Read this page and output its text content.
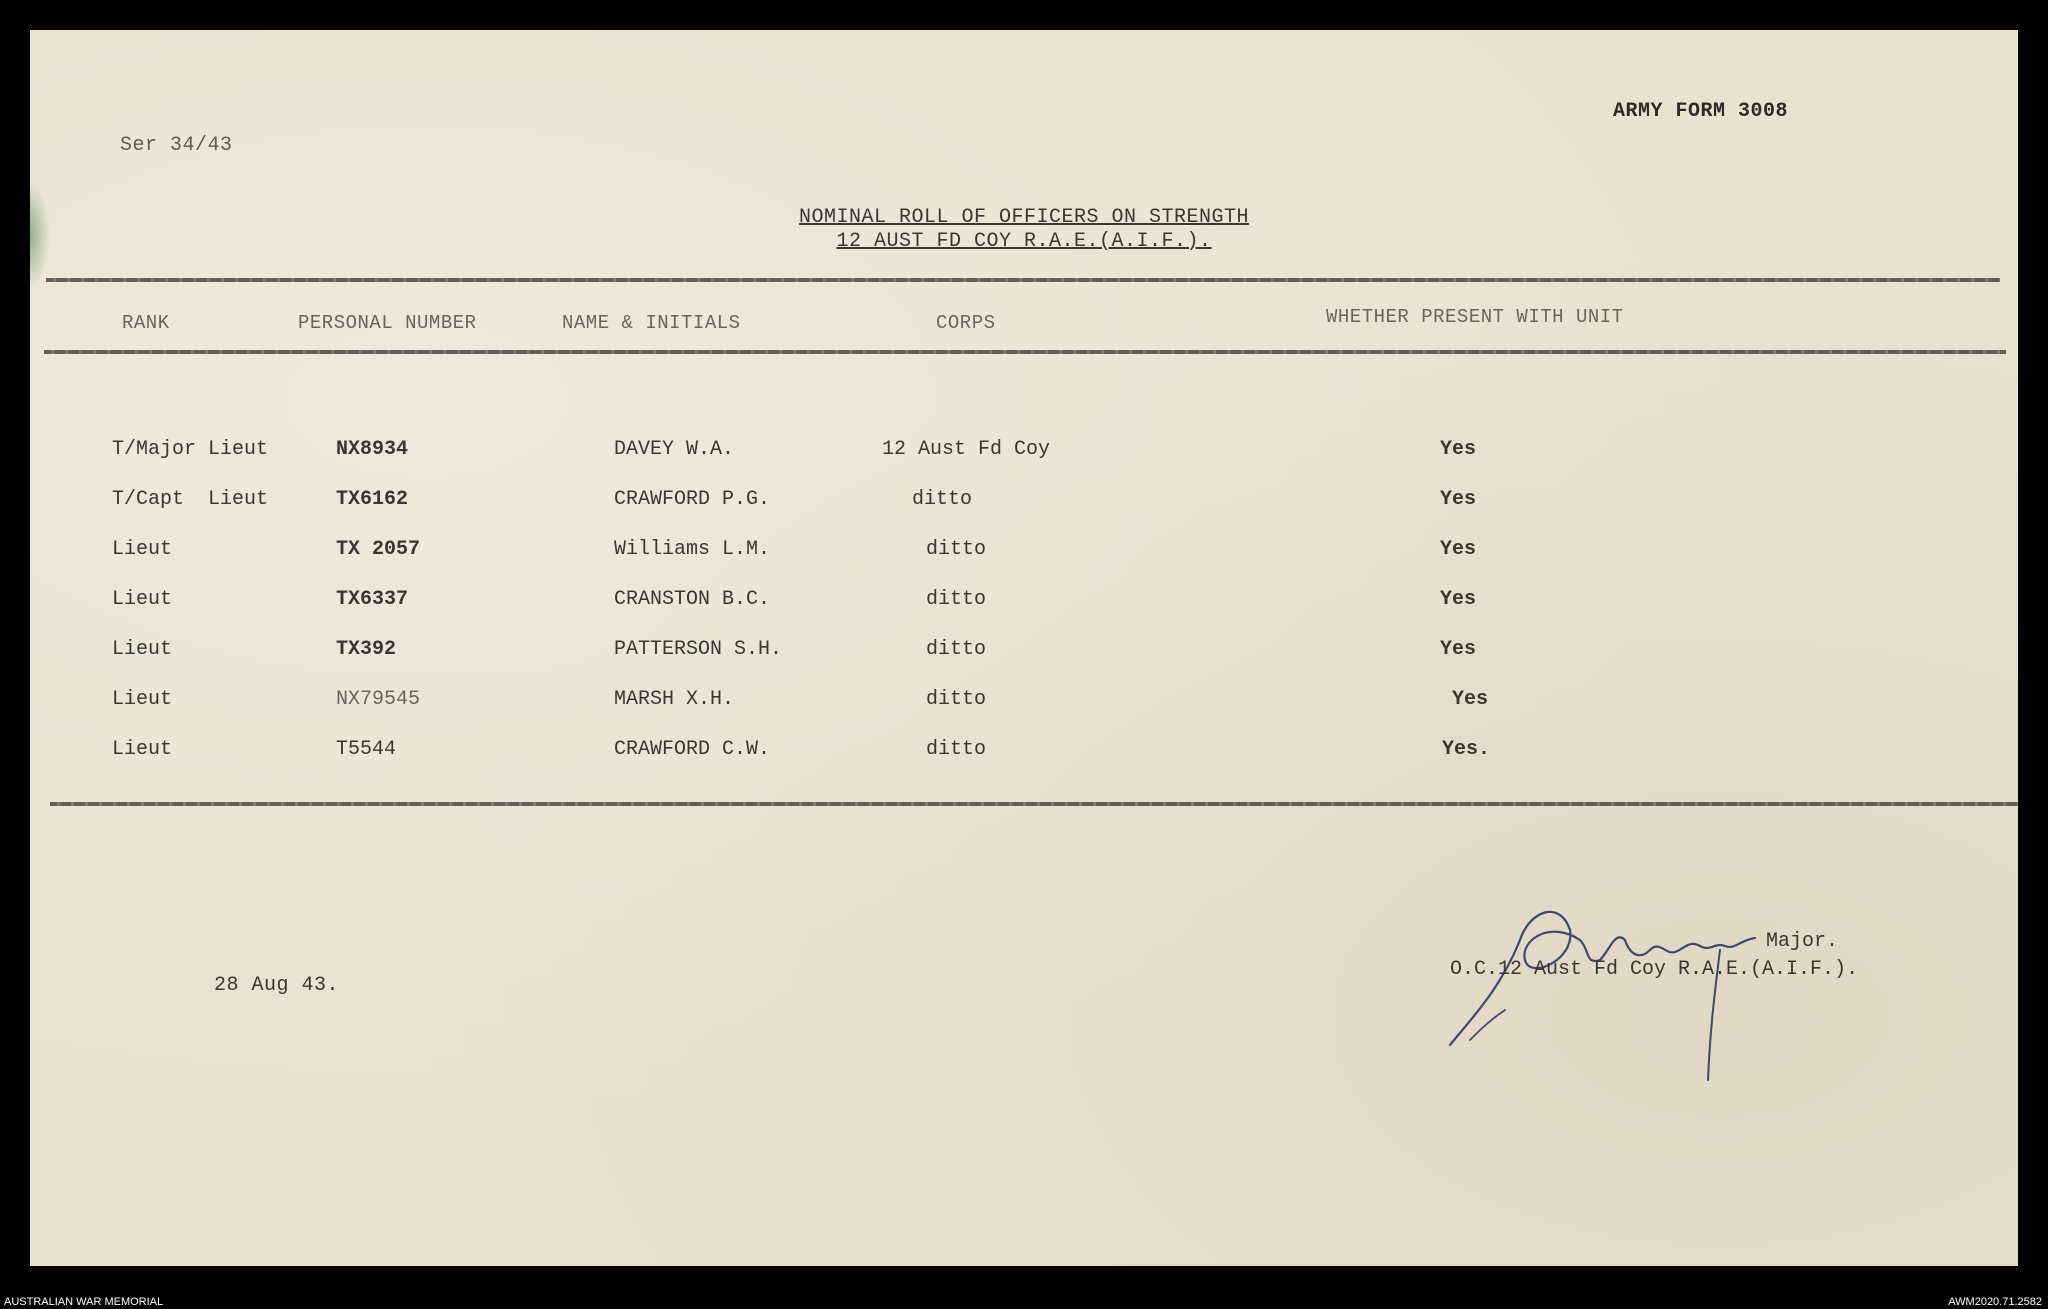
Ser 34/43
ARMY FORM 3008
NOMINAL ROLL OF OFFICERS ON STRENGTH
12 AUST FD COY R.A.E.(A.I.F.).
RANK	PERSONAL NUMBER	NAME & INITIALS	CORPS	WHETHER PRESENT WITH UNIT
T/Major Lieut	NX8934	DAVEY W.A.	12 Aust Fd Coy	Yes
T/Capt  Lieut	TX6162	CRAWFORD P.G.	ditto	Yes
Lieut	TX 2057	Williams L.M.	ditto	Yes
Lieut	TX6337	CRANSTON B.C.	ditto	Yes
Lieut	TX392	PATTERSON S.H.	ditto	Yes
Lieut	NX79545	MARSH X.H.	ditto	Yes
Lieut	T5544	CRAWFORD C.W.	ditto	Yes.
28 Aug 43.
Major.
O.C.12 Aust Fd Coy R.A.E.(A.I.F.).
AUSTRALIAN WAR MEMORIAL	AWM2020.71.2582
